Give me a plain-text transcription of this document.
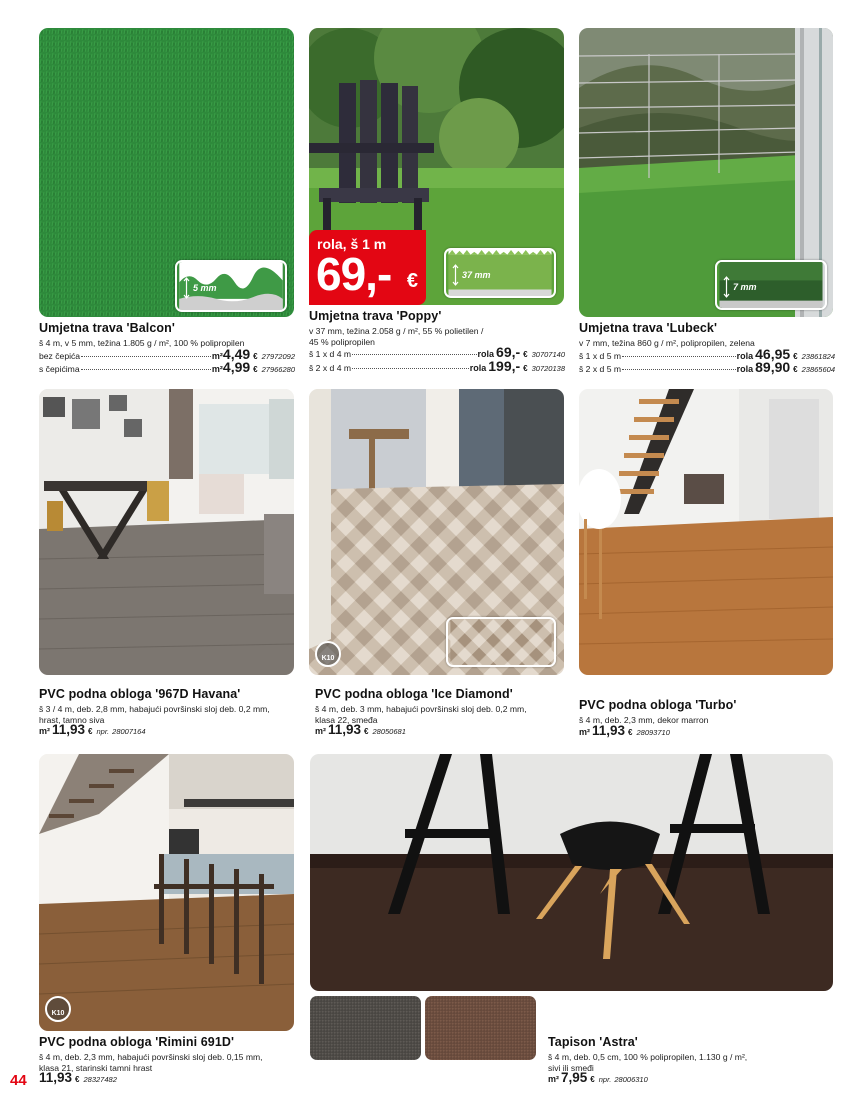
5 mm
37 mm
rola, š 1 m
69,- €	7 mm
Umjetna trava 'Balcon'
š 4 m, v 5 mm, težina 1.805 g / m², 100 % polipropilen
bez čepića	m² 4,49 € 27972092
s čepićima	m² 4,99 € 27966280
Umjetna trava 'Poppy'
v 37 mm, težina 2.058 g / m², 55 % polietilen /
45 % polipropilen
š 1 x d 4 m	rola 69,- € 30707140
š 2 x d 4 m	rola 199,- € 30720138
Umjetna trava 'Lubeck'
v 7 mm, težina 860 g / m², polipropilen, zelena
š 1 x d 5 m	rola 46,95 € 23861824
š 2 x d 5 m	rola 89,90 € 23865604
K10
PVC podna obloga '967D Havana'
š 3 / 4 m, deb. 2,8 mm, habajući površinski sloj deb. 0,2 mm,
hrast, tamno siva
m² 11,93 € npr. 28007164
PVC podna obloga 'Ice Diamond'
š 4 m, deb. 3 mm, habajući površinski sloj deb. 0,2 mm,
klasa 22, smeđa
m² 11,93 € 28050681
PVC podna obloga 'Turbo'
š 4 m, deb. 2,3 mm, dekor marron
m² 11,93 € 28093710
K10
PVC podna obloga 'Rimini 691D'
š 4 m, deb. 2,3 mm, habajući površinski sloj deb. 0,15 mm,
klasa 21, starinski tamni hrast
11,93 € 28327482
Tapison 'Astra'
š 4 m, deb. 0,5 cm, 100 % polipropilen, 1.130 g / m²,
sivi ili smeđi
m² 7,95 € npr. 28006310
44
